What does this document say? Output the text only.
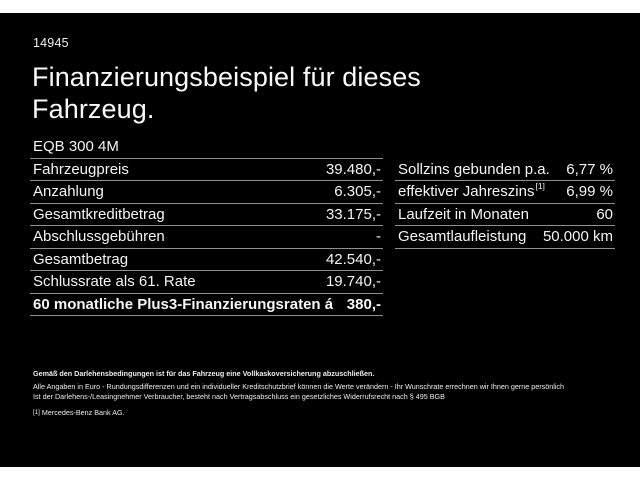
14945
Finanzierungsbeispiel für dieses
Fahrzeug.
EQB 300 4M
Fahrzeugpreis	39.480,-
Anzahlung	6.305,-
Gesamtkreditbetrag	33.175,-
Abschlussgebühren	-
Gesamtbetrag	42.540,-
Schlussrate als 61. Rate	19.740,-
60 monatliche Plus3-Finanzierungsraten á 380,-
Sollzins gebunden p.a. 6,77 %
effektiver Jahreszins[1] 6,99 %
Laufzeit in Monaten	60
Gesamtlaufleistung 50.000 km
Gemäß den Darlehensbedingungen ist für das Fahrzeug eine Vollkaskoversicherung abzuschließen.
Alle Angaben in Euro - Rundungsdifferenzen und ein individueller Kreditschutzbrief können die Werte verändern - Ihr Wunschrate errechnen wir Ihnen gerne persönlich
Ist der Darlehens-/Leasingnehmer Verbraucher, besteht nach Vertragsabschluss ein gesetzliches Widerrufsrecht nach § 495 BGB
[1] Mercedes-Benz Bank AG.
